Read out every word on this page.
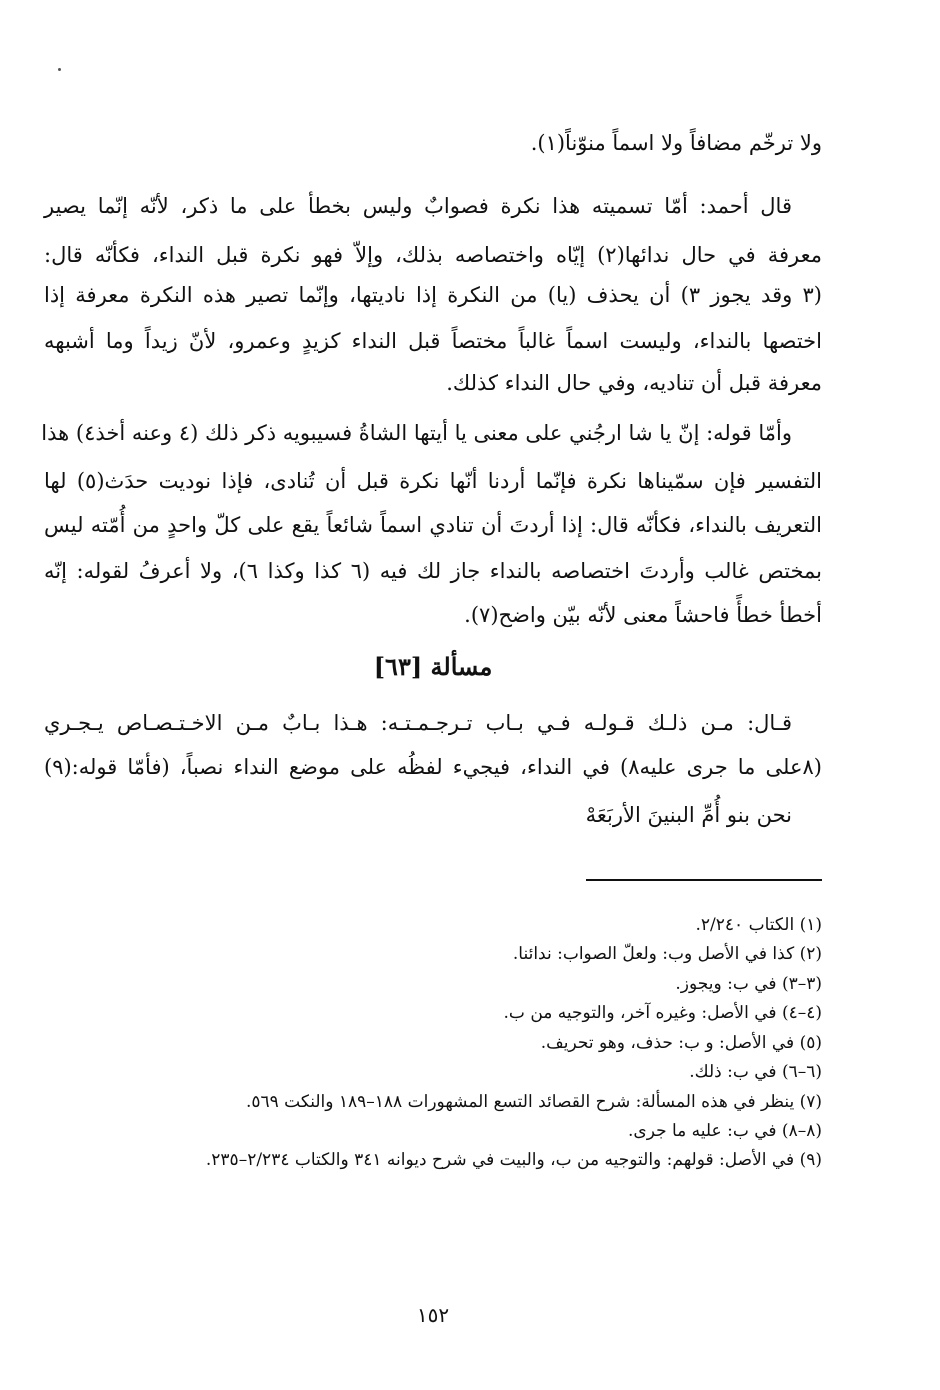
ولا ترخّم مضافاً ولا اسماً منوّناً(١).
قال أحمد: أمّا تسميته هذا نكرة فصوابٌ وليس بخطأ على ما ذكر، لأنّه إنّما يصير
معرفة في حال ندائها(٢) إيّاه واختصاصه بذلك، وإلاّ فهو نكرة قبل النداء، فكأنّه قال:
(٣ وقد يجوز ٣) أن يحذف (يا) من النكرة إذا ناديتها، وإنّما تصير هذه النكرة معرفة إذا
اختصها بالنداء، وليست اسماً غالباً مختصاً قبل النداء كزيدٍ وعمرو، لأنّ زيداً وما أشبهه
معرفة قبل أن تناديه، وفي حال النداء كذلك.
وأمّا قوله: إنّ يا شا ارجُني على معنى يا أيتها الشاةُ فسيبويه ذكر ذلك (٤ وعنه أخذ٤) هذا
التفسير فإن سمّيناها نكرة فإنّما أردنا أنّها نكرة قبل أن تُنادى، فإذا نوديت حدَث(٥) لها
التعريف بالنداء، فكأنّه قال: إذا أردتَ أن تنادي اسماً شائعاً يقع على كلّ واحدٍ من أُمّته ليس
بمختص غالب وأردتَ اختصاصه بالنداء جاز لك فيه (٦ كذا وكذا ٦)، ولا أعرفُ لقوله: إنّه
أخطأ خطأً فاحشاً معنى لأنّه بيّن واضح(٧).
مسألة [٦٣]
قـال: مـن ذلـك قـولـه فـي بـاب تـرجـمـتـه: هـذا بـابٌ مـن الاخـتـصـاص يـجـري
(٨على ما جرى عليه٨) في النداء، فيجيء لفظُه على موضع النداء نصباً، (فأمّا قوله:(٩)
نحن بنو أُمِّ البنينَ الأربَعَهْ
(١) الكتاب ٢/٢٤٠.
(٢) كذا في الأصل وب: ولعلّ الصواب: ندائنا.
(٣–٣) في ب: ويجوز.
(٤–٤) في الأصل: وغيره آخر، والتوجيه من ب.
(٥) في الأصل: و ب: حذف، وهو تحريف.
(٦–٦) في ب: ذلك.
(٧) ينظر في هذه المسألة: شرح القصائد التسع المشهورات ١٨٨–١٨٩ والنكت ٥٦٩.
(٨–٨) في ب: عليه ما جرى.
(٩) في الأصل: قولهم: والتوجيه من ب، والبيت في شرح ديوانه ٣٤١ والكتاب ٢/٢٣٤–٢٣٥.
١٥٢
